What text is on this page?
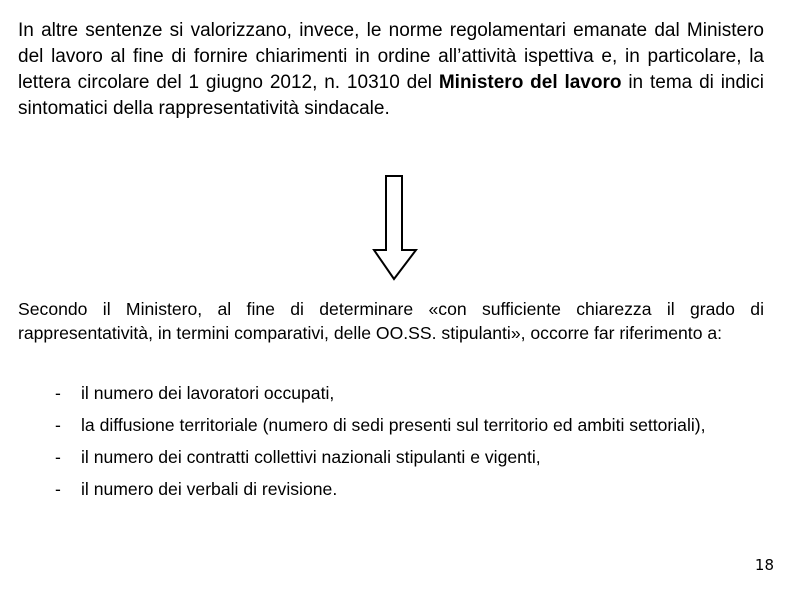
In altre sentenze si valorizzano, invece, le norme regolamentari emanate dal Ministero del lavoro al fine di fornire chiarimenti in ordine all’attività ispettiva e, in particolare, la lettera circolare del 1 giugno 2012, n. 10310 del Ministero del lavoro in tema di indici sintomatici della rappresentatività sindacale.

Secondo il Ministero, al fine di determinare «con sufficiente chiarezza il grado di rappresentatività, in termini comparativi, delle OO.SS. stipulanti», occorre far riferimento a:

- il numero dei lavoratori occupati,
- la diffusione territoriale (numero di sedi presenti sul territorio ed ambiti settoriali),
- il numero dei contratti collettivi nazionali stipulanti e vigenti,
- il numero dei verbali di revisione.
18
